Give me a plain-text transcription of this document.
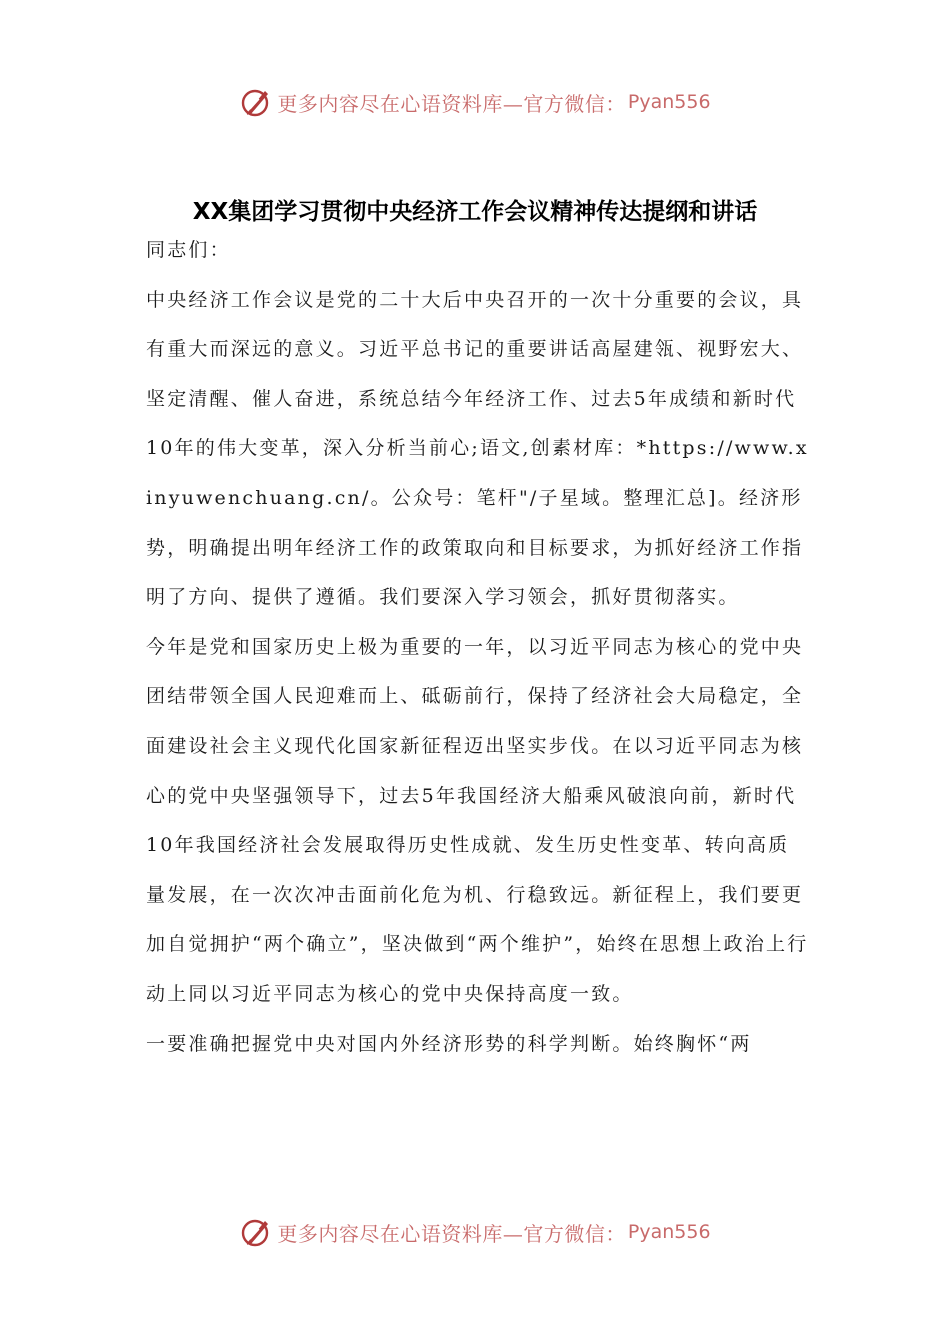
更多内容尽在心语资料库—官方微信： Pyan556
XX集团学习贯彻中央经济工作会议精神传达提纲和讲话

同志们：

中央经济工作会议是党的二十大后中央召开的一次十分重要的会议，具有重大而深远的意义。习近平总书记的重要讲话高屋建瓴、视野宏大、坚定清醒、催人奋进，系统总结今年经济工作、过去5年成绩和新时代10年的伟大变革，深入分析当前心;语文,创素材库：*https://www.xinyuwenchuang.cn/。公众号：笔杆"/子星域。整理汇总]。经济形势，明确提出明年经济工作的政策取向和目标要求，为抓好经济工作指明了方向、提供了遵循。我们要深入学习领会，抓好贯彻落实。

今年是党和国家历史上极为重要的一年，以习近平同志为核心的党中央团结带领全国人民迎难而上、砥砺前行，保持了经济社会大局稳定，全面建设社会主义现代化国家新征程迈出坚实步伐。在以习近平同志为核心的党中央坚强领导下，过去5年我国经济大船乘风破浪向前，新时代10年我国经济社会发展取得历史性成就、发生历史性变革、转向高质量发展，在一次次冲击面前化危为机、行稳致远。新征程上，我们要更加自觉拥护“两个确立”，坚决做到“两个维护”，始终在思想上政治上行动上同以习近平同志为核心的党中央保持高度一致。

一要准确把握党中央对国内外经济形势的科学判断。始终胸怀“两

更多内容尽在心语资料库—官方微信： Pyan556
